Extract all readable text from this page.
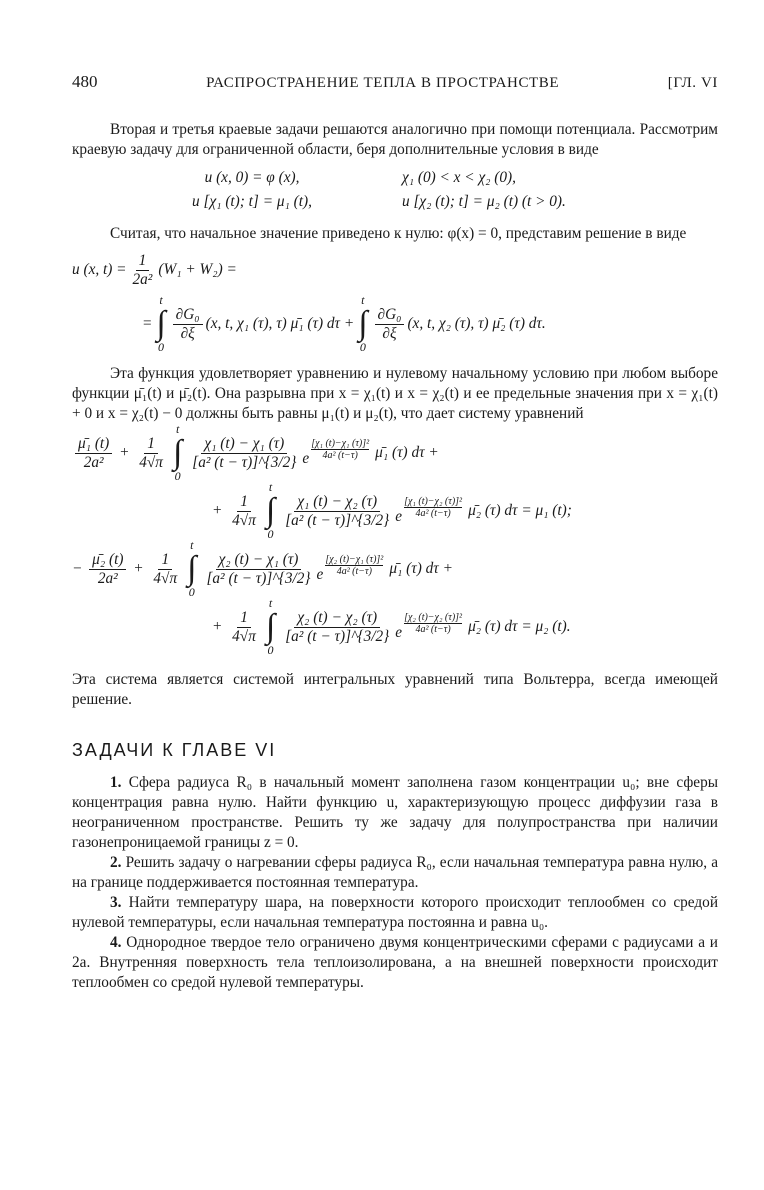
480	РАСПРОСТРАНЕНИЕ ТЕПЛА В ПРОСТРАНСТВЕ	[ГЛ. VI

Вторая и третья краевые задачи решаются аналогично при помощи потенциала. Рассмотрим краевую задачу для ограниченной области, беря дополнительные условия в виде

u (x, 0) = φ (x),	χ₁ (0) < x < χ₂ (0),
u [χ₁ (t); t] = μ₁ (t),	u [χ₂ (t); t] = μ₂ (t) (t > 0).

Считая, что начальное значение приведено к нулю: φ(x) = 0, представим решение в виде

u (x, $t) = \frac{1}{\text{2a²}} (W_1 + W_2)$ =
=
t
∫
0
$\frac{\text{∂G₀}}{\partial\xi} (x$, t, χ₁ (τ), τ) μ̄₁ (τ) dτ +
t
∫
0
$\frac{\text{∂G₀}}{\partial\xi} (x$, t, χ₂ (τ), τ) μ̄₂ (τ) dτ.

Эта функция удовлетворяет уравнению и нулевому начальному условию при любом выборе функции μ̄₁(t) и μ̄₂(t). Она разрывна при x = χ₁(t) и x = χ₂(t) и ее предельные значения при x = χ₁(t) + 0 и x = χ₂(t) − 0 должны быть равны μ₁(t) и μ₂(t), что дает систему уравнений

$\frac{\text{μ̄₁ (t)}}{\text{2a²}} + \frac{1}{4√\pi}$
t
∫
0
$\frac{\text{χ₁ (t) − χ₁ (τ)}}{\text{[a² (t − τ)]\textasciicircum{}\{3/2\}}}$ e
[χ₁ (t)−χ₁ (τ)]²
4a² (t−τ) μ̄₁ (τ) dτ +
+ $\frac{1}{4√\pi}$
t
∫
0
$\frac{\text{χ₁ (t) − χ₂ (τ)}}{\text{[a² (t − τ)]\textasciicircum{}\{3/2\}}}$ e
[χ₁ (t)−χ₂ (τ)]²
4a² (t−τ) μ̄₂ (τ) dτ = μ₁ (t);
− $\frac{\text{μ̄₂ (t)}}{\text{2a²}} + \frac{1}{4√\pi}$
t
∫
0
$\frac{\text{χ₂ (t) − χ₁ (τ)}}{\text{[a² (t − τ)]\textasciicircum{}\{3/2\}}}$ e
[χ₂ (t)−χ₁ (τ)]²
4a² (t−τ) μ̄₁ (τ) dτ +
+ $\frac{1}{4√\pi}$
t
∫
0
$\frac{\text{χ₂ (t) − χ₂ (τ)}}{\text{[a² (t − τ)]\textasciicircum{}\{3/2\}}}$ e
[χ₂ (t)−χ₂ (τ)]²
4a² (t−τ) μ̄₂ (τ) dτ = μ₂ (t).

Эта система является системой интегральных уравнений типа Вольтерра, всегда имеющей решение.

ЗАДАЧИ К ГЛАВЕ VI

1. Сфера радиуса R₀ в начальный момент заполнена газом концентрации u₀; вне сферы концентрация равна нулю. Найти функцию u, характеризующую процесс диффузии газа в неограниченном пространстве. Решить ту же задачу для полупространства при наличии газонепроницаемой границы z = 0.

2. Решить задачу о нагревании сферы радиуса R₀, если начальная температура равна нулю, а на границе поддерживается постоянная температура.

3. Найти температуру шара, на поверхности которого происходит теплообмен со средой нулевой температуры, если начальная температура постоянна и равна u₀.

4. Однородное твердое тело ограничено двумя концентрическими сферами с радиусами a и 2a. Внутренняя поверхность тела теплоизолирована, а на внешней поверхности происходит теплообмен со средой нулевой температуры.
